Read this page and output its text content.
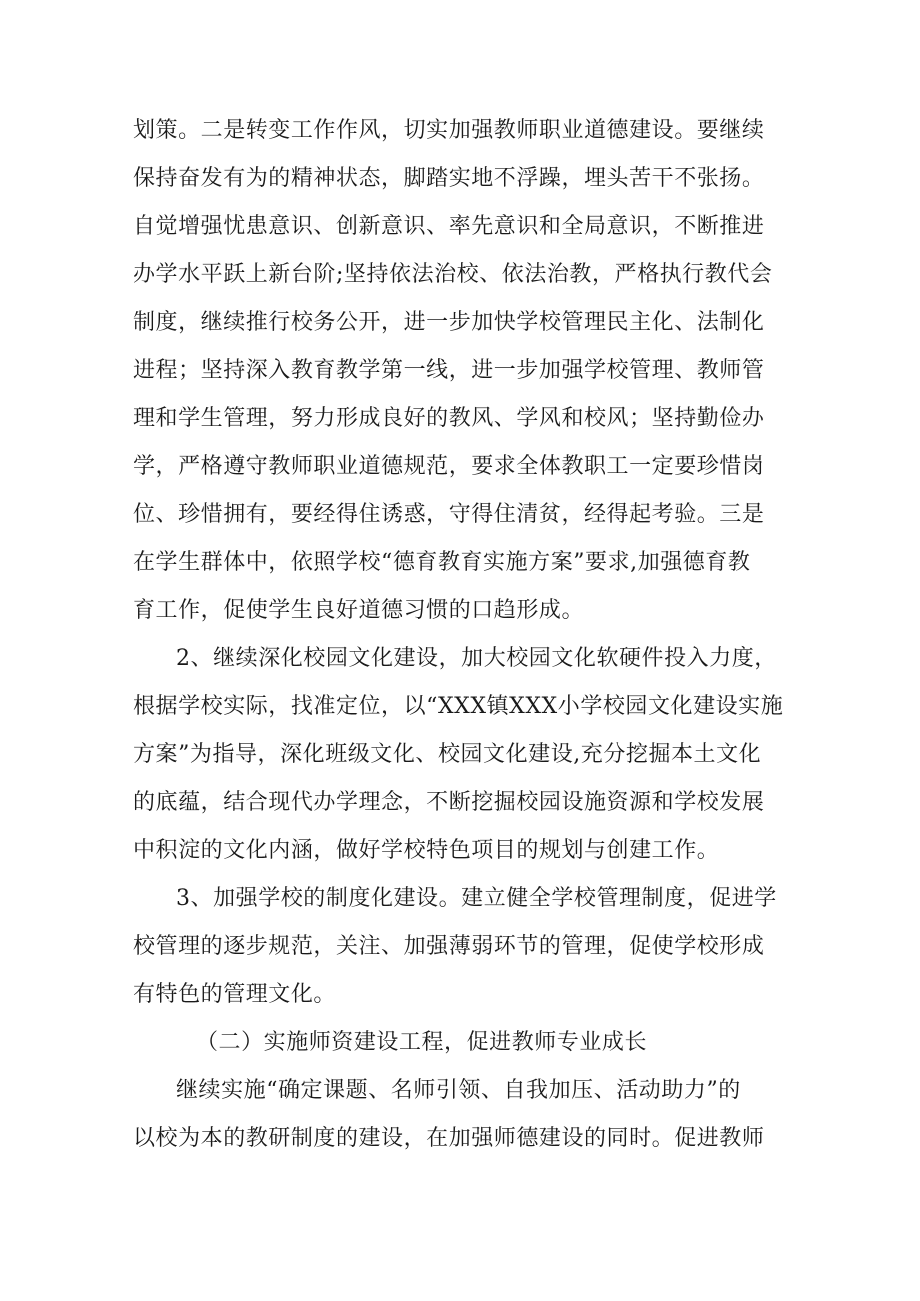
划策。二是转变工作作风，切实加强教师职业道德建设。要继续
保持奋发有为的精神状态，脚踏实地不浮躁，埋头苦干不张扬。
自觉增强忧患意识、创新意识、率先意识和全局意识，不断推进
办学水平跃上新台阶;坚持依法治校、依法治教，严格执行教代会
制度，继续推行校务公开，进一步加快学校管理民主化、法制化
进程；坚持深入教育教学第一线，进一步加强学校管理、教师管
理和学生管理，努力形成良好的教风、学风和校风；坚持勤俭办
学，严格遵守教师职业道德规范，要求全体教职工一定要珍惜岗
位、珍惜拥有，要经得住诱惑，守得住清贫，经得起考验。三是
在学生群体中，依照学校“德育教育实施方案”要求,加强德育教
育工作，促使学生良好道德习惯的口趋形成。
2、继续深化校园文化建设，加大校园文化软硬件投入力度，
根据学校实际，找准定位，以“XXX镇XXX小学校园文化建设实施
方案”为指导，深化班级文化、校园文化建设,充分挖掘本土文化
的底蕴，结合现代办学理念，不断挖掘校园设施资源和学校发展
中积淀的文化内涵，做好学校特色项目的规划与创建工作。
3、加强学校的制度化建设。建立健全学校管理制度，促进学
校管理的逐步规范，关注、加强薄弱环节的管理，促使学校形成
有特色的管理文化。
（二）实施师资建设工程，促进教师专业成长
继续实施“确定课题、名师引领、自我加压、活动助力”的
以校为本的教研制度的建设，在加强师德建设的同时。促进教师
